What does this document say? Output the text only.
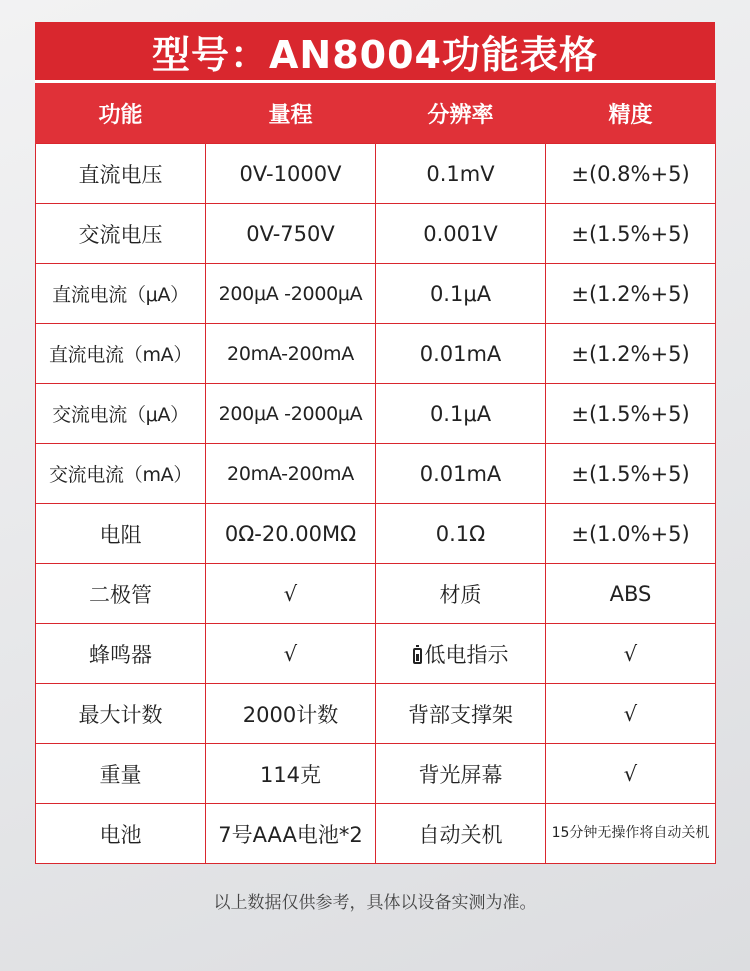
型号：AN8004功能表格
功能	量程	分辨率	精度
直流电压	0V-1000V	0.1mV	±(0.8%+5)
交流电压	0V-750V	0.001V	±(1.5%+5)
直流电流（μA）	200μA -2000μA	0.1μA	±(1.2%+5)
直流电流（mA）	20mA-200mA	0.01mA	±(1.2%+5)
交流电流（μA）	200μA -2000μA	0.1μA	±(1.5%+5)
交流电流（mA）	20mA-200mA	0.01mA	±(1.5%+5)
电阻	0Ω-20.00MΩ	0.1Ω	±(1.0%+5)
二极管	√	材质	ABS
蜂鸣器	√	低电指示	√
最大计数	2000计数	背部支撑架	√
重量	114克	背光屏幕	√
电池	7号AAA电池*2	自动关机	15分钟无操作将自动关机
以上数据仅供参考，具体以设备实测为准。
